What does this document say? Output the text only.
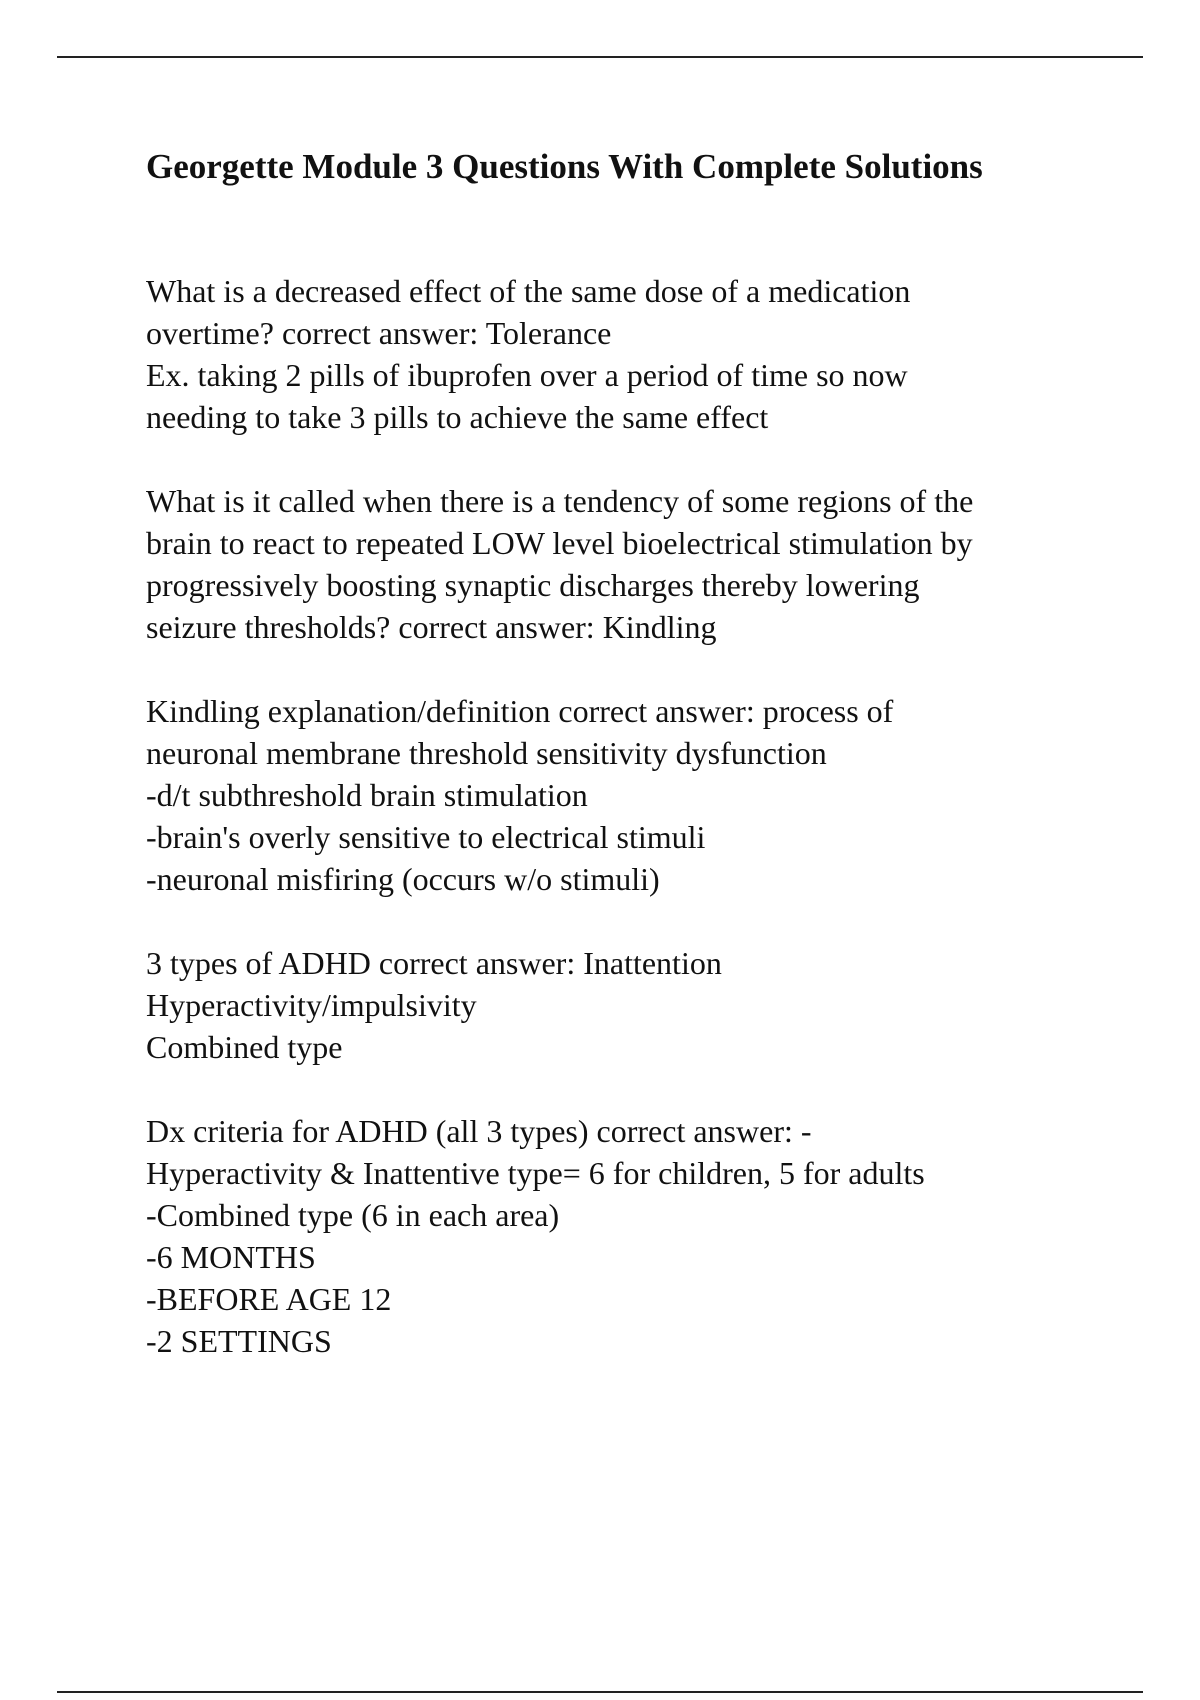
Georgette Module 3 Questions With Complete Solutions
What is a decreased effect of the same dose of a medication
overtime? correct answer: Tolerance
Ex. taking 2 pills of ibuprofen over a period of time so now
needing to take 3 pills to achieve the same effect
What is it called when there is a tendency of some regions of the
brain to react to repeated LOW level bioelectrical stimulation by
progressively boosting synaptic discharges thereby lowering
seizure thresholds? correct answer: Kindling
Kindling explanation/definition correct answer: process of
neuronal membrane threshold sensitivity dysfunction
-d/t subthreshold brain stimulation
-brain's overly sensitive to electrical stimuli
-neuronal misfiring (occurs w/o stimuli)
3 types of ADHD correct answer: Inattention
Hyperactivity/impulsivity
Combined type
Dx criteria for ADHD (all 3 types) correct answer: -
Hyperactivity & Inattentive type= 6 for children, 5 for adults
-Combined type (6 in each area)
-6 MONTHS
-BEFORE AGE 12
-2 SETTINGS
